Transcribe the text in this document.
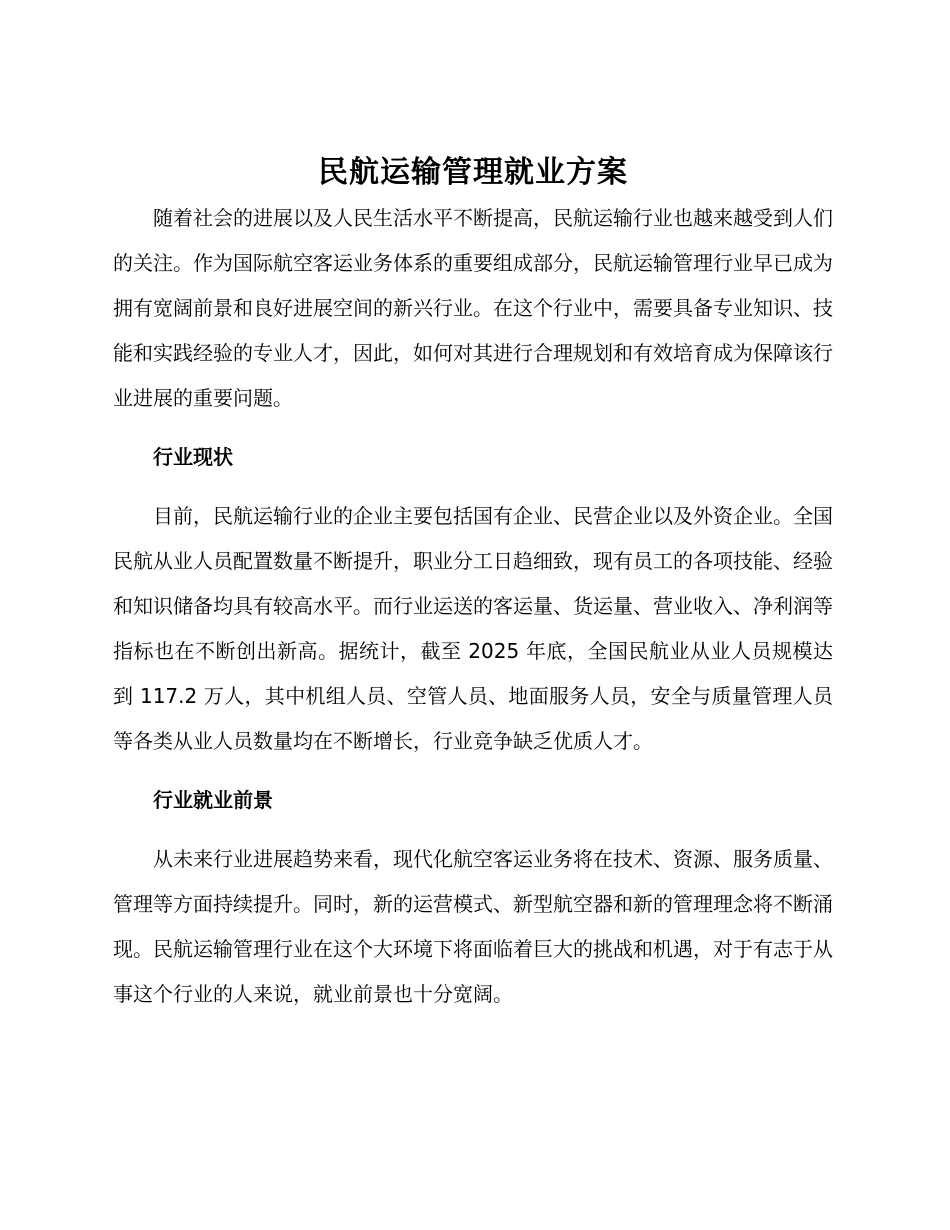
民航运输管理就业方案

随着社会的进展以及人民生活水平不断提高，民航运输行业也越来越受到人们的关注。作为国际航空客运业务体系的重要组成部分，民航运输管理行业早已成为拥有宽阔前景和良好进展空间的新兴行业。在这个行业中，需要具备专业知识、技能和实践经验的专业人才，因此，如何对其进行合理规划和有效培育成为保障该行业进展的重要问题。

行业现状

目前，民航运输行业的企业主要包括国有企业、民营企业以及外资企业。全国民航从业人员配置数量不断提升，职业分工日趋细致，现有员工的各项技能、经验和知识储备均具有较高水平。而行业运送的客运量、货运量、营业收入、净利润等指标也在不断创出新高。据统计，截至 2025 年底，全国民航业从业人员规模达到 117.2 万人，其中机组人员、空管人员、地面服务人员，安全与质量管理人员等各类从业人员数量均在不断增长，行业竞争缺乏优质人才。

行业就业前景

从未来行业进展趋势来看，现代化航空客运业务将在技术、资源、服务质量、管理等方面持续提升。同时，新的运营模式、新型航空器和新的管理理念将不断涌现。民航运输管理行业在这个大环境下将面临着巨大的挑战和机遇，对于有志于从事这个行业的人来说，就业前景也十分宽阔。
